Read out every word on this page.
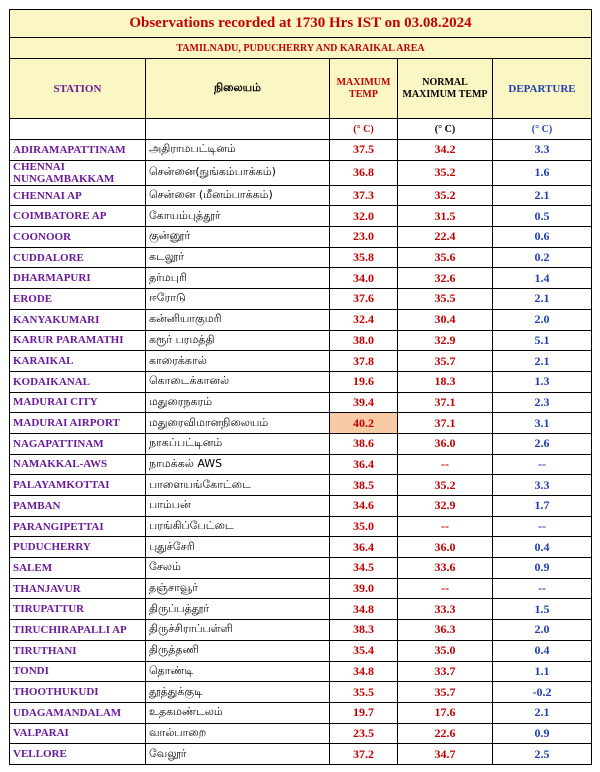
Observations recorded at 1730 Hrs IST on 03.08.2024				
TAMILNADU, PUDUCHERRY AND KARAIKAL AREA				
STATION	நிலையம்	MAXIMUM TEMP	NORMAL MAXIMUM TEMP	DEPARTURE
		(° C)	(° C)	(° C)
ADIRAMAPATTINAM	அதிராமபட்டினம்	37.5	34.2	3.3
CHENNAI NUNGAMBAKKAM	சென்னை(நுங்கம்பாக்கம்)	36.8	35.2	1.6
CHENNAI AP	சென்னை (மீனம்பாக்கம்)	37.3	35.2	2.1
COIMBATORE AP	கோயம்புத்தூர்	32.0	31.5	0.5
COONOOR	குன்னூர்	23.0	22.4	0.6
CUDDALORE	கடலூர்	35.8	35.6	0.2
DHARMAPURI	தர்மபுரி	34.0	32.6	1.4
ERODE	ஈரோடு	37.6	35.5	2.1
KANYAKUMARI	கன்னியாகுமரி	32.4	30.4	2.0
KARUR PARAMATHI	கரூர் பரமத்தி	38.0	32.9	5.1
KARAIKAL	காரைக்கால்	37.8	35.7	2.1
KODAIKANAL	கொடைக்கானல்	19.6	18.3	1.3
MADURAI CITY	மதுரைநகரம்	39.4	37.1	2.3
MADURAI AIRPORT	மதுரைவிமானநிலையம்	40.2	37.1	3.1
NAGAPATTINAM	நாகப்பட்டினம்	38.6	36.0	2.6
NAMAKKAL-AWS	நாமக்கல் AWS	36.4	--	--
PALAYAMKOTTAI	பாளையங்கோட்டை	38.5	35.2	3.3
PAMBAN	பாம்பன்	34.6	32.9	1.7
PARANGIPETTAI	பரங்கிப்பேட்டை	35.0	--	--
PUDUCHERRY	புதுச்சேரி	36.4	36.0	0.4
SALEM	சேலம்	34.5	33.6	0.9
THANJAVUR	தஞ்சாவூர்	39.0	--	--
TIRUPATTUR	திருப்பத்தூர்	34.8	33.3	1.5
TIRUCHIRAPALLI AP	திருச்சிராப்பள்ளி	38.3	36.3	2.0
TIRUTHANI	திருத்தணி	35.4	35.0	0.4
TONDI	தொண்டி	34.8	33.7	1.1
THOOTHUKUDI	தூத்துக்குடி	35.5	35.7	-0.2
UDAGAMANDALAM	உதகமண்டலம்	19.7	17.6	2.1
VALPARAI	வால்பாறை	23.5	22.6	0.9
VELLORE	வேலூர்	37.2	34.7	2.5
